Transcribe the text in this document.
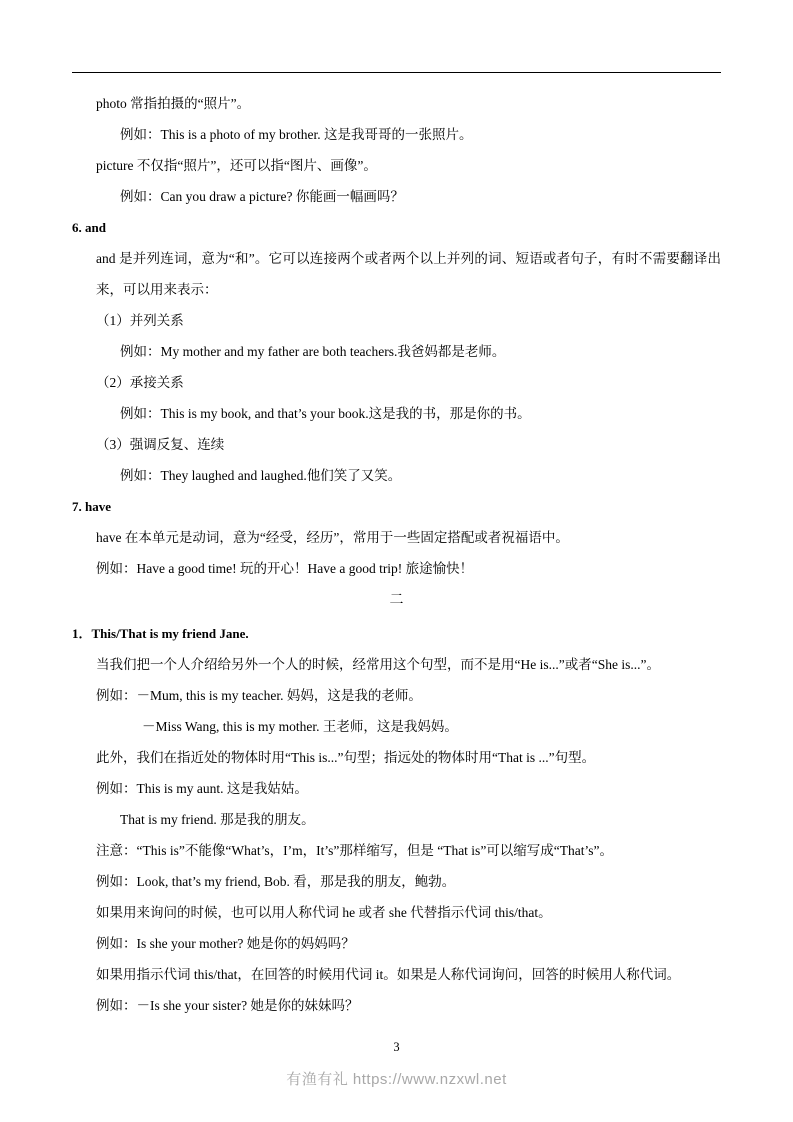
photo 常指拍摄的“照片”。

例如：This is a photo of my brother. 这是我哥哥的一张照片。

picture 不仅指“照片”，还可以指“图片、画像”。

例如：Can you draw a picture? 你能画一幅画吗？

6. and

and 是并列连词，意为“和”。它可以连接两个或者两个以上并列的词、短语或者句子，有时不需要翻译出来，可以用来表示：

（1）并列关系

例如：My mother and my father are both teachers.我爸妈都是老师。

（2）承接关系

例如：This is my book, and that’s your book.这是我的书，那是你的书。

（3）强调反复、连续

例如：They laughed and laughed.他们笑了又笑。

7. have

have 在本单元是动词，意为“经受，经历”，常用于一些固定搭配或者祝福语中。

例如：Have a good time! 玩的开心！Have a good trip! 旅途愉快！

二

1．This/That is my friend Jane.

当我们把一个人介绍给另外一个人的时候，经常用这个句型，而不是用“He is...”或者“She is...”。

例如：－Mum, this is my teacher. 妈妈，这是我的老师。

－Miss Wang, this is my mother. 王老师，这是我妈妈。

此外，我们在指近处的物体时用“This is...”句型；指远处的物体时用“That is ...”句型。

例如：This is my aunt. 这是我姑姑。

That is my friend. 那是我的朋友。

注意：“This is”不能像“What’s，I’m，It’s”那样缩写，但是 “That is”可以缩写成“That’s”。

例如：Look, that’s my friend, Bob. 看，那是我的朋友，鲍勃。

如果用来询问的时候，也可以用人称代词 he 或者 she 代替指示代词 this/that。

例如：Is she your mother? 她是你的妈妈吗？

如果用指示代词 this/that，在回答的时候用代词 it。如果是人称代词询问，回答的时候用人称代词。

例如：－Is she your sister? 她是你的妹妹吗？

3
有渔有礼 https://www.nzxwl.net
